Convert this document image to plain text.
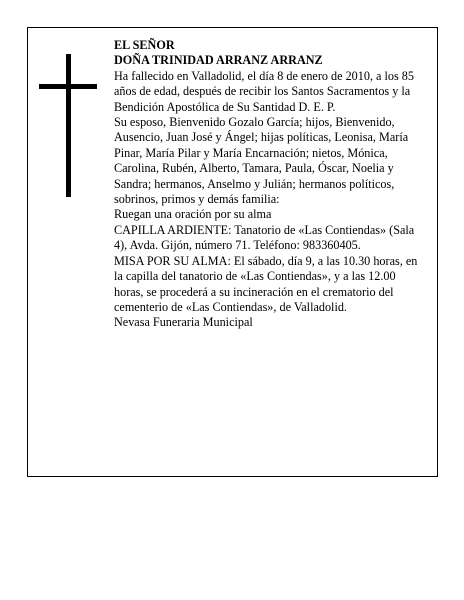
EL SEÑOR

DOÑA TRINIDAD ARRANZ ARRANZ

Ha fallecido en Valladolid, el día 8 de enero de 2010, a los 85 años de edad, después de recibir los Santos Sacramentos y la Bendición Apostólica de Su Santidad D. E. P.

Su esposo, Bienvenido Gozalo García; hijos, Bienvenido, Ausencio, Juan José y Ángel; hijas políticas, Leonisa, María Pinar, María Pilar y María Encarnación; nietos, Mónica, Carolina, Rubén, Alberto, Tamara, Paula, Óscar, Noelia y Sandra; hermanos, Anselmo y Julián; hermanos políticos, sobrinos, primos y demás familia:

Ruegan una oración por su alma

CAPILLA ARDIENTE: Tanatorio de «Las Contiendas» (Sala 4), Avda. Gijón, número 71. Teléfono: 983360405.

MISA POR SU ALMA: El sábado, día 9, a las 10.30 horas, en la capilla del tanatorio de «Las Contiendas», y a las 12.00 horas, se procederá a su incineración en el crematorio del cementerio de «Las Contiendas», de Valladolid.

Nevasa Funeraria Municipal
